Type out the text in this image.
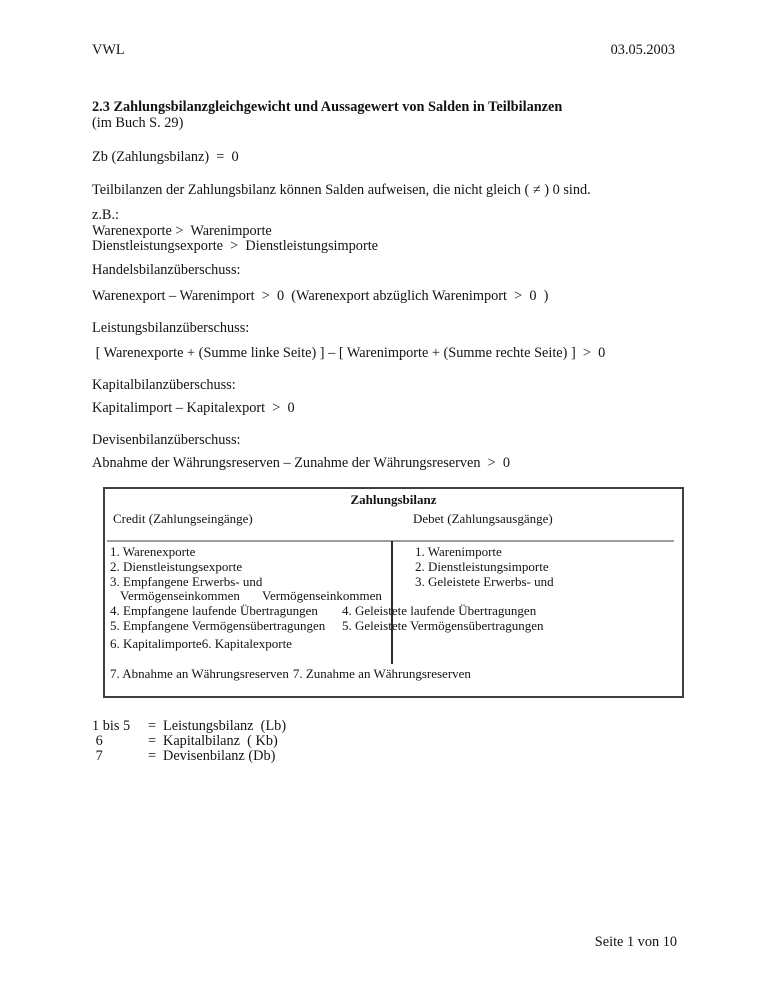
VWL	03.05.2003
2.3 Zahlungsbilanzgleichgewicht und Aussagewert von Salden in Teilbilanzen
(im Buch S. 29)
Zb (Zahlungsbilanz)  =  0
Teilbilanzen der Zahlungsbilanz können Salden aufweisen, die nicht gleich ( ≠ ) 0 sind.
z.B.:
Warenexporte >  Warenimporte
Dienstleistungsexporte  >  Dienstleistungsimporte
Handelsbilanzüberschuss:
Warenexport – Warenimport  >  0  (Warenexport abzüglich Warenimport  >  0  )
Leistungsbilanzüberschuss:
[ Warenexporte + (Summe linke Seite) ] – [ Warenimporte + (Summe rechte Seite) ]  >  0
Kapitalbilanzüberschuss:
Kapitalimport – Kapitalexport  >  0
Devisenbilanzüberschuss:
Abnahme der Währungsreserven – Zunahme der Währungsreserven  >  0
Zahlungsbilanz
Credit (Zahlungseingänge)	Debet (Zahlungsausgänge)
1. Warenexporte	1. Warenimporte
2. Dienstleistungsexporte	2. Dienstleistungsimporte
3. Empfangene Erwerbs- und	3. Geleistete Erwerbs- und
Vermögenseinkommen Vermögenseinkommen
4. Empfangene laufende Übertragungen 4. Geleistete laufende Übertragungen
5. Empfangene Vermögensübertragungen 5. Geleistete Vermögensübertragungen
6. Kapitalimporte6. Kapitalexporte
7. Abnahme an Währungsreserven 7. Zunahme an Währungsreserven
1 bis 5 = Leistungsbilanz  (Lb)
6	= Kapitalbilanz  ( Kb)
7	= Devisenbilanz (Db)
Seite 1 von 10
